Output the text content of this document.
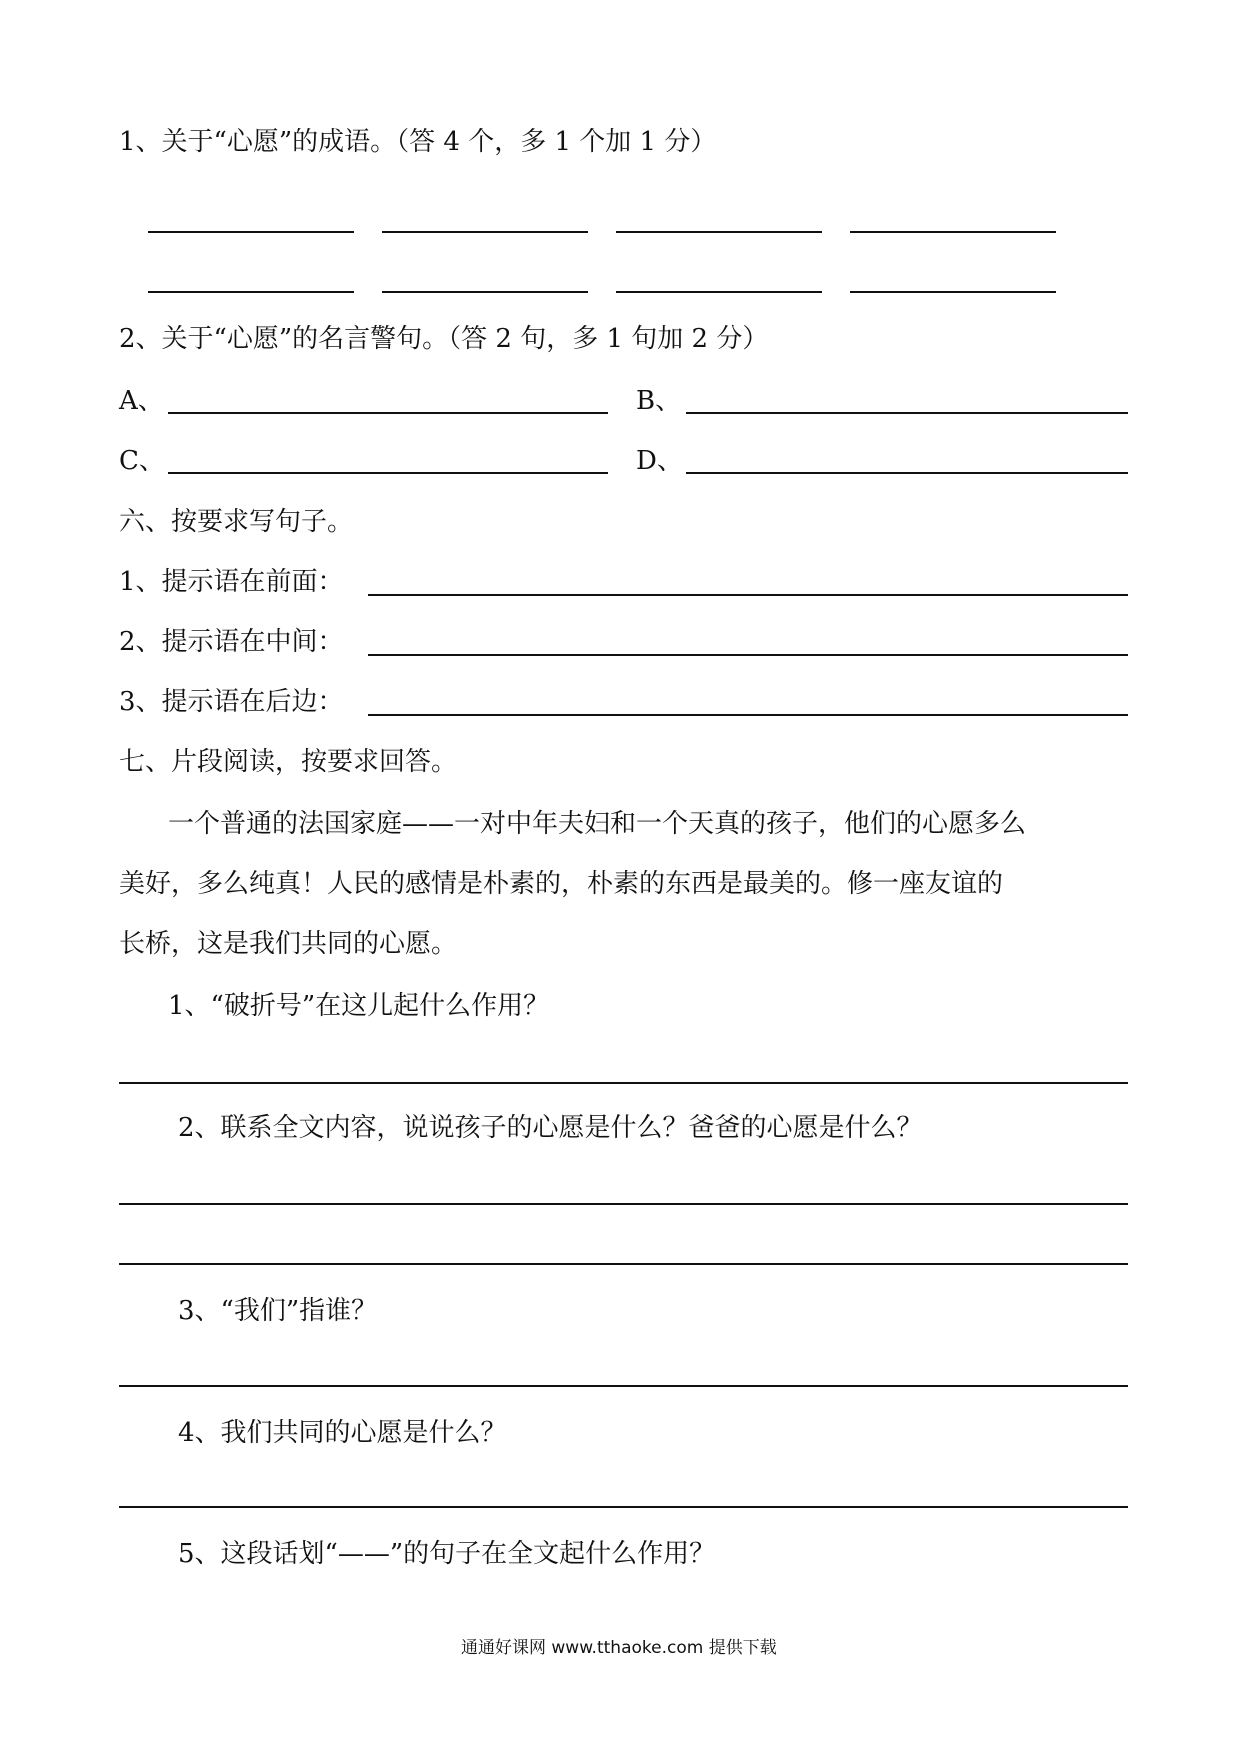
1、关于“心愿”的成语。（答 4 个，多 1 个加 1 分）
2、关于“心愿”的名言警句。（答 2 句，多 1 句加 2 分）
A、	B、
C、	D、
六、按要求写句子。
1、提示语在前面：
2、提示语在中间：
3、提示语在后边：
七、片段阅读，按要求回答。
一个普通的法国家庭——一对中年夫妇和一个天真的孩子，他们的心愿多么
美好，多么纯真！人民的感情是朴素的，朴素的东西是最美的。修一座友谊的
长桥，这是我们共同的心愿。
1、“破折号”在这儿起什么作用？
2、联系全文内容，说说孩子的心愿是什么？爸爸的心愿是什么？
3、“我们”指谁？
4、我们共同的心愿是什么？
5、这段话划“——”的句子在全文起什么作用？
通通好课网 www.tthaoke.com 提供下载
